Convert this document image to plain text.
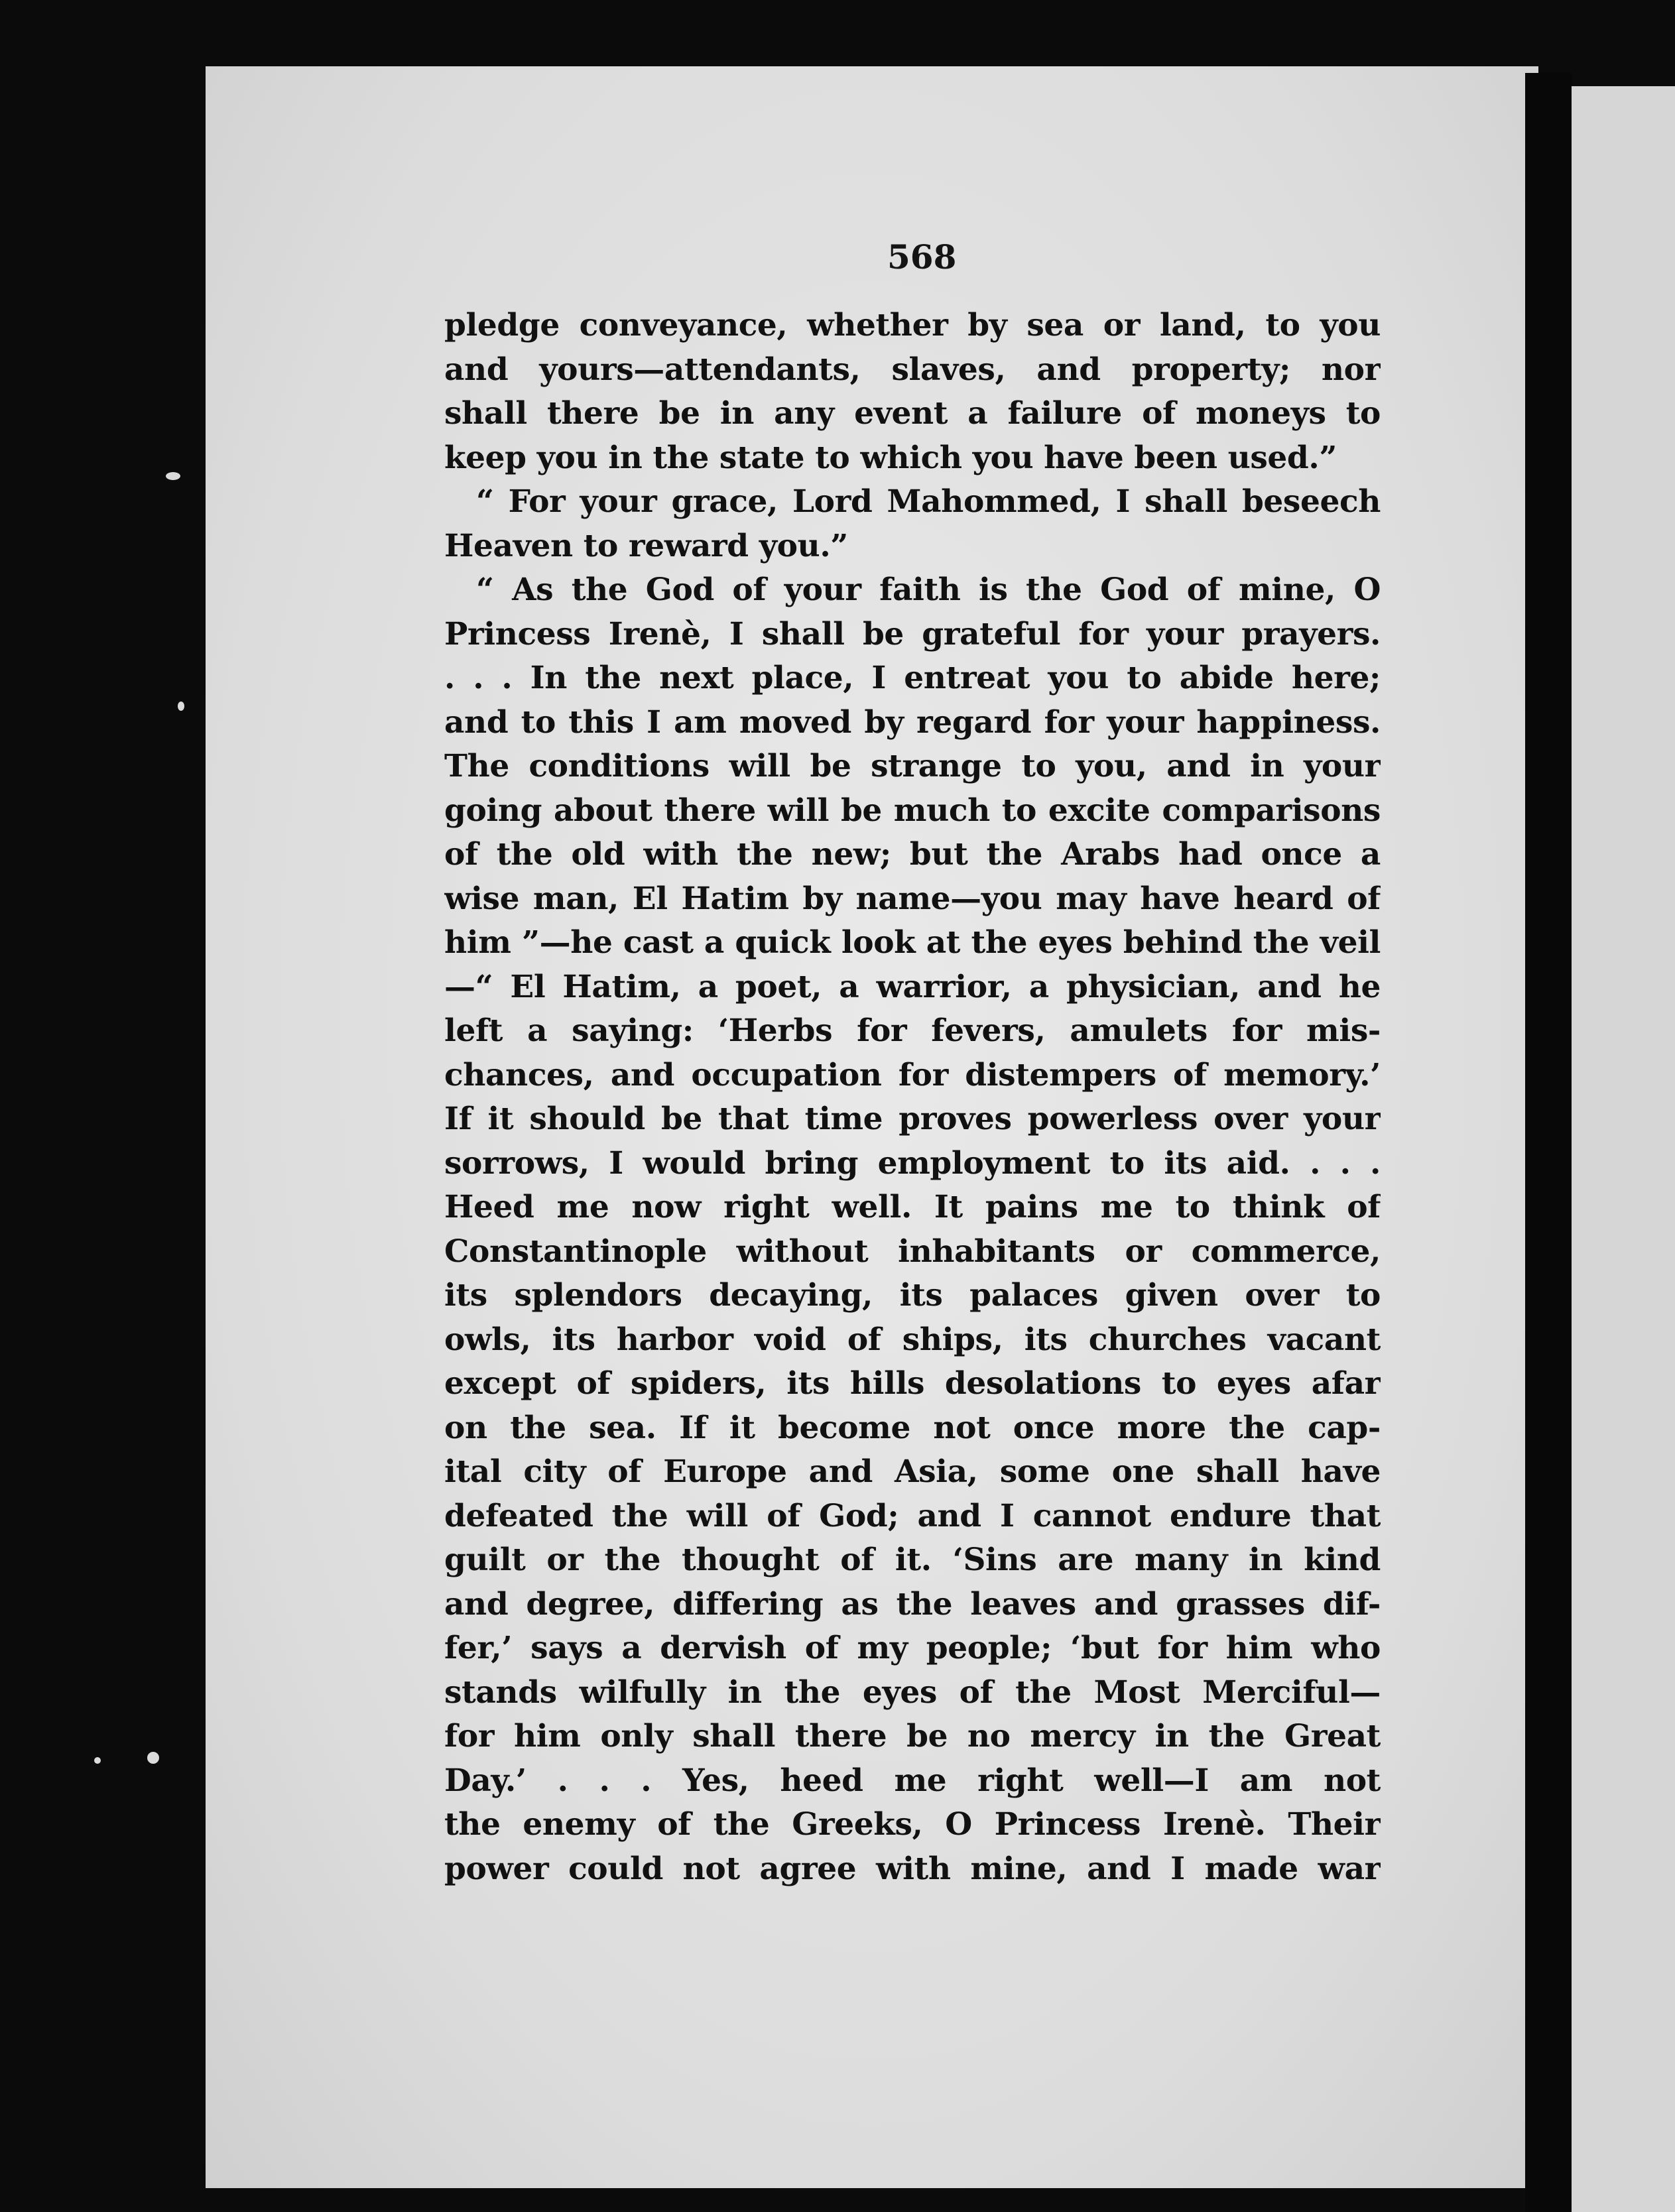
568
pledge conveyance, whether by sea or land, to you
and yours—attendants, slaves, and property; nor
shall there be in any event a failure of moneys to
keep you in the state to which you have been used.”
“ For your grace, Lord Mahommed, I shall beseech
Heaven to reward you.”
“ As the God of your faith is the God of mine, O
Princess Irenè, I shall be grateful for your prayers.
. . . In the next place, I entreat you to abide here;
and to this I am moved by regard for your happiness.
The conditions will be strange to you, and in your
going about there will be much to excite comparisons
of the old with the new; but the Arabs had once a
wise man, El Hatim by name—you may have heard of
him ”—he cast a quick look at the eyes behind the veil
—“ El Hatim, a poet, a warrior, a physician, and he
left a saying: ‘Herbs for fevers, amulets for mis-
chances, and occupation for distempers of memory.’
If it should be that time proves powerless over your
sorrows, I would bring employment to its aid. . . .
Heed me now right well. It pains me to think of
Constantinople without inhabitants or commerce,
its splendors decaying, its palaces given over to
owls, its harbor void of ships, its churches vacant
except of spiders, its hills desolations to eyes afar
on the sea. If it become not once more the cap-
ital city of Europe and Asia, some one shall have
defeated the will of God; and I cannot endure that
guilt or the thought of it. ‘Sins are many in kind
and degree, differing as the leaves and grasses dif-
fer,’ says a dervish of my people; ‘but for him who
stands wilfully in the eyes of the Most Merciful—
for him only shall there be no mercy in the Great
Day.’ . . . Yes, heed me right well—I am not
the enemy of the Greeks, O Princess Irenè. Their
power could not agree with mine, and I made war
